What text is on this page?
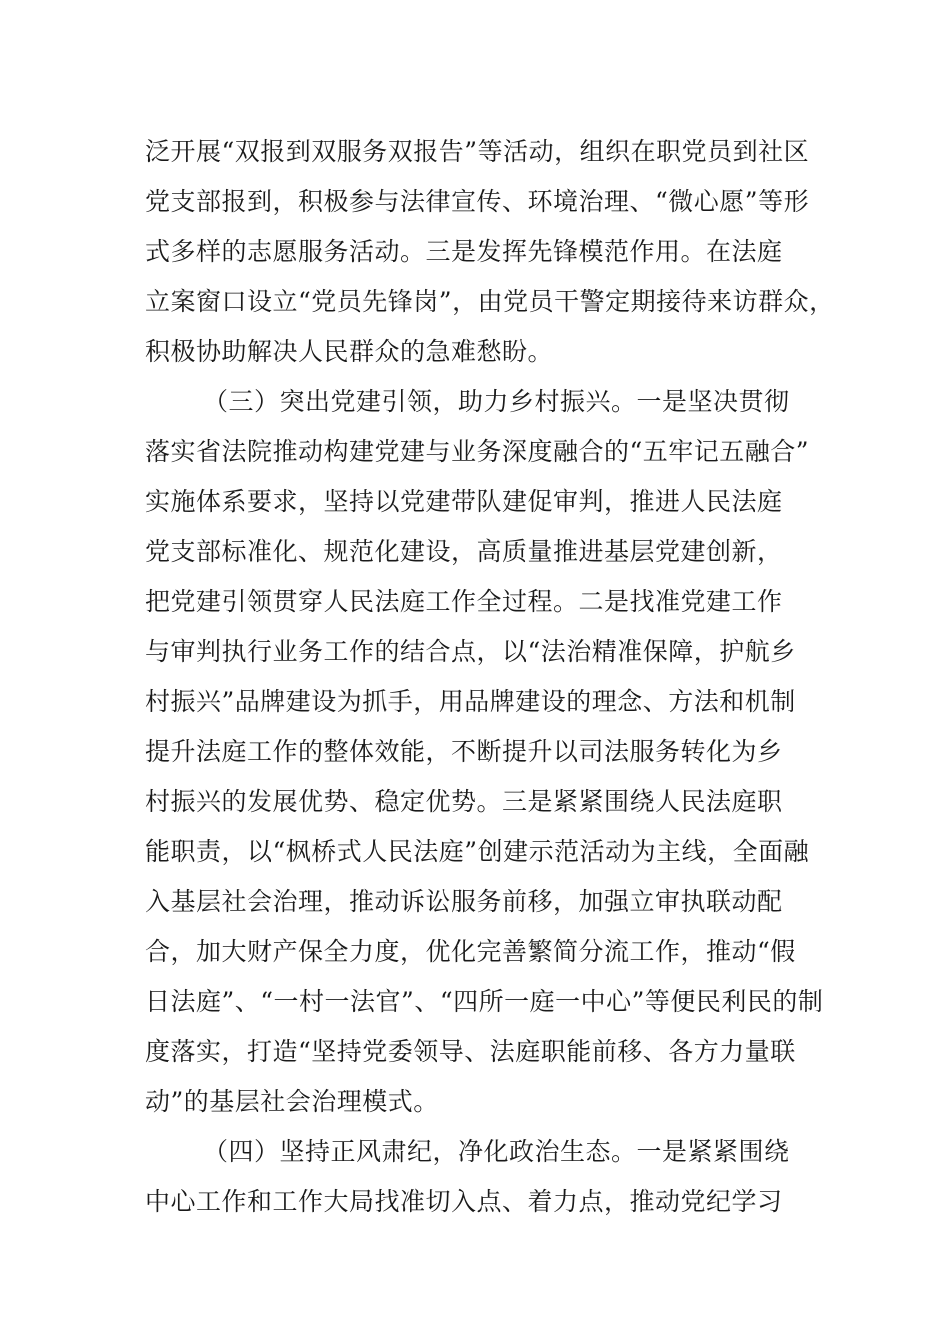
泛开展“双报到双服务双报告”等活动，组织在职党员到社区
党支部报到，积极参与法律宣传、环境治理、“微心愿”等形
式多样的志愿服务活动。三是发挥先锋模范作用。在法庭
立案窗口设立“党员先锋岗”，由党员干警定期接待来访群众，
积极协助解决人民群众的急难愁盼。
（三）突出党建引领，助力乡村振兴。一是坚决贯彻
落实省法院推动构建党建与业务深度融合的“五牢记五融合”
实施体系要求，坚持以党建带队建促审判，推进人民法庭
党支部标准化、规范化建设，高质量推进基层党建创新，
把党建引领贯穿人民法庭工作全过程。二是找准党建工作
与审判执行业务工作的结合点，以“法治精准保障，护航乡
村振兴”品牌建设为抓手，用品牌建设的理念、方法和机制
提升法庭工作的整体效能，不断提升以司法服务转化为乡
村振兴的发展优势、稳定优势。三是紧紧围绕人民法庭职
能职责，以“枫桥式人民法庭”创建示范活动为主线，全面融
入基层社会治理，推动诉讼服务前移，加强立审执联动配
合，加大财产保全力度，优化完善繁简分流工作，推动“假
日法庭”、“一村一法官”、“四所一庭一中心”等便民利民的制
度落实，打造“坚持党委领导、法庭职能前移、各方力量联
动”的基层社会治理模式。
（四）坚持正风肃纪，净化政治生态。一是紧紧围绕
中心工作和工作大局找准切入点、着力点，推动党纪学习
